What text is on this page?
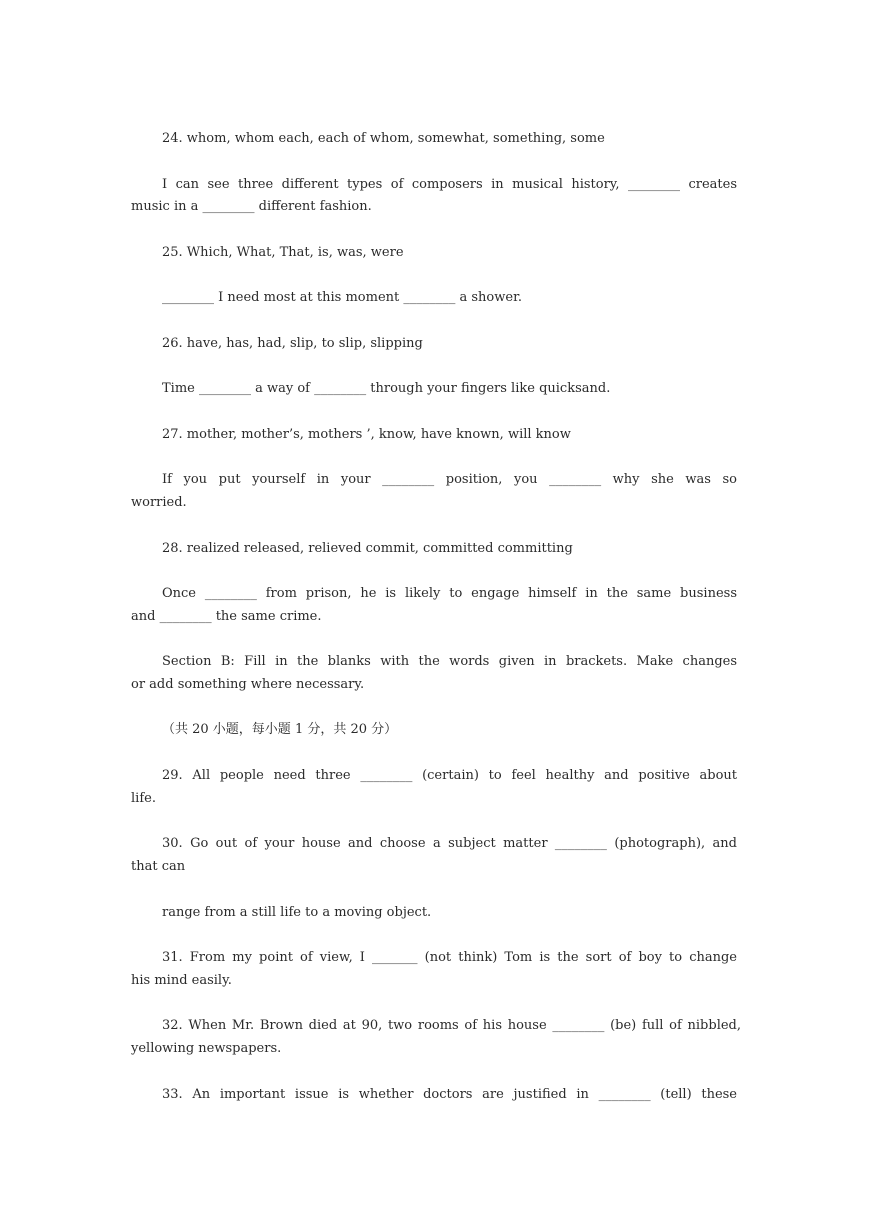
24. whom, whom each, each of whom, somewhat, something, some
I can see three different types of composers in musical history, ________ creates
music in a ________ different fashion.
25. Which, What, That, is, was, were
________ I need most at this moment ________ a shower.
26. have, has, had, slip, to slip, slipping
Time ________ a way of ________ through your fingers like quicksand.
27. mother, mother’s, mothers ’, know, have known, will know
If you put yourself in your ________ position, you ________ why she was so
worried.
28. realized released, relieved commit, committed committing
Once ________ from prison, he is likely to engage himself in the same business
and ________ the same crime.
Section B: Fill in the blanks with the words given in brackets. Make changes
or add something where necessary.
（共 20 小题，每小题 1 分，共 20 分）
29. All people need three ________ (certain) to feel healthy and positive about
life.
30. Go out of your house and choose a subject matter ________ (photograph), and
that can
range from a still life to a moving object.
31. From my point of view, I _______ (not think) Tom is the sort of boy to change
his mind easily.
32. When Mr. Brown died at 90, two rooms of his house ________ (be) full of nibbled,
yellowing newspapers.
33. An important issue is whether doctors are justified in ________ (tell) these
